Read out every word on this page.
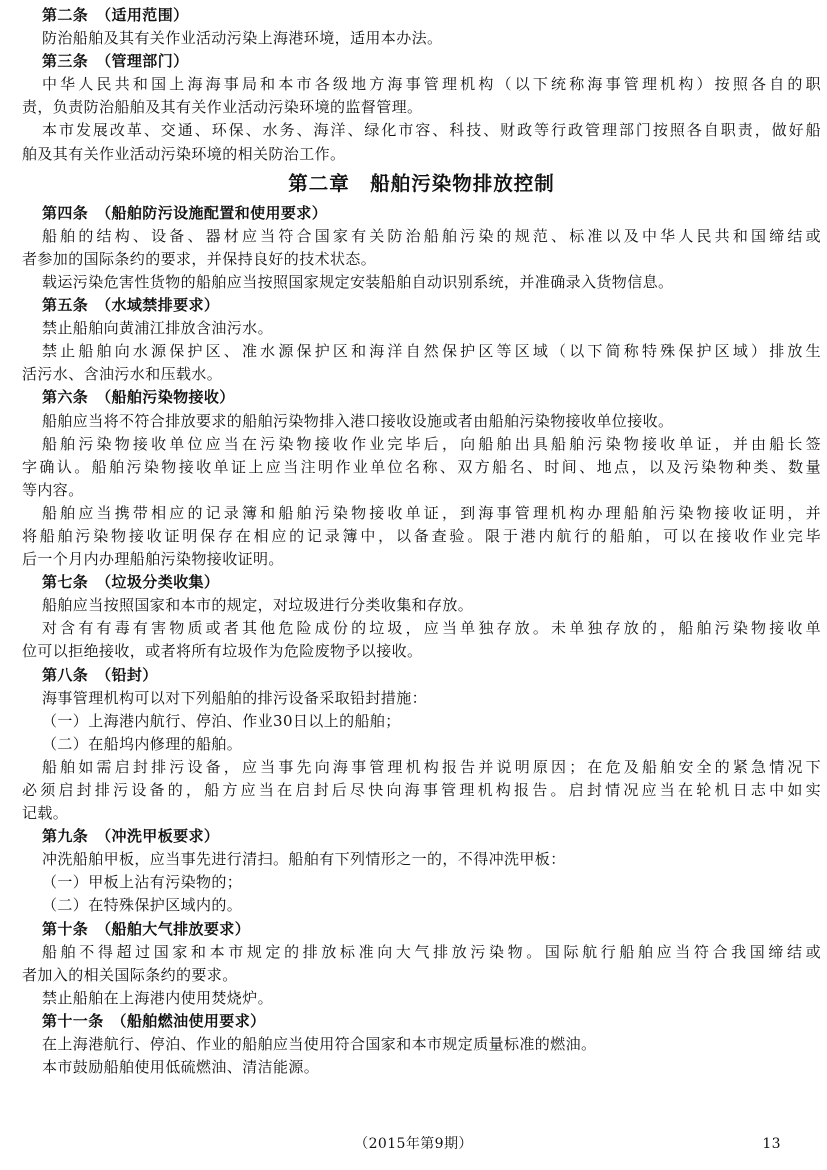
第二条　（适用范围）
防治船舶及其有关作业活动污染上海港环境，适用本办法。
第三条　（管理部门）
中华人民共和国上海海事局和本市各级地方海事管理机构（以下统称海事管理机构）按照各自的职
责，负责防治船舶及其有关作业活动污染环境的监督管理。
本市发展改革、交通、环保、水务、海洋、绿化市容、科技、财政等行政管理部门按照各自职责，做好船
舶及其有关作业活动污染环境的相关防治工作。
第二章　船舶污染物排放控制
第四条　（船舶防污设施配置和使用要求）
船舶的结构、设备、器材应当符合国家有关防治船舶污染的规范、标准以及中华人民共和国缔结或
者参加的国际条约的要求，并保持良好的技术状态。
载运污染危害性货物的船舶应当按照国家规定安装船舶自动识别系统，并准确录入货物信息。
第五条　（水域禁排要求）
禁止船舶向黄浦江排放含油污水。
禁止船舶向水源保护区、准水源保护区和海洋自然保护区等区域（以下简称特殊保护区域）排放生
活污水、含油污水和压载水。
第六条　（船舶污染物接收）
船舶应当将不符合排放要求的船舶污染物排入港口接收设施或者由船舶污染物接收单位接收。
船舶污染物接收单位应当在污染物接收作业完毕后，向船舶出具船舶污染物接收单证，并由船长签
字确认。船舶污染物接收单证上应当注明作业单位名称、双方船名、时间、地点，以及污染物种类、数量
等内容。
船舶应当携带相应的记录簿和船舶污染物接收单证，到海事管理机构办理船舶污染物接收证明，并
将船舶污染物接收证明保存在相应的记录簿中，以备查验。限于港内航行的船舶，可以在接收作业完毕
后一个月内办理船舶污染物接收证明。
第七条　（垃圾分类收集）
船舶应当按照国家和本市的规定，对垃圾进行分类收集和存放。
对含有有毒有害物质或者其他危险成份的垃圾，应当单独存放。未单独存放的，船舶污染物接收单
位可以拒绝接收，或者将所有垃圾作为危险废物予以接收。
第八条　（铅封）
海事管理机构可以对下列船舶的排污设备采取铅封措施：
（一）上海港内航行、停泊、作业30日以上的船舶；
（二）在船坞内修理的船舶。
船舶如需启封排污设备，应当事先向海事管理机构报告并说明原因；在危及船舶安全的紧急情况下
必须启封排污设备的，船方应当在启封后尽快向海事管理机构报告。启封情况应当在轮机日志中如实
记载。
第九条　（冲洗甲板要求）
冲洗船舶甲板，应当事先进行清扫。船舶有下列情形之一的，不得冲洗甲板：
（一）甲板上沾有污染物的；
（二）在特殊保护区域内的。
第十条　（船舶大气排放要求）
船舶不得超过国家和本市规定的排放标准向大气排放污染物。国际航行船舶应当符合我国缔结或
者加入的相关国际条约的要求。
禁止船舶在上海港内使用焚烧炉。
第十一条　（船舶燃油使用要求）
在上海港航行、停泊、作业的船舶应当使用符合国家和本市规定质量标准的燃油。
本市鼓励船舶使用低硫燃油、清洁能源。
（2015年第9期）	13
